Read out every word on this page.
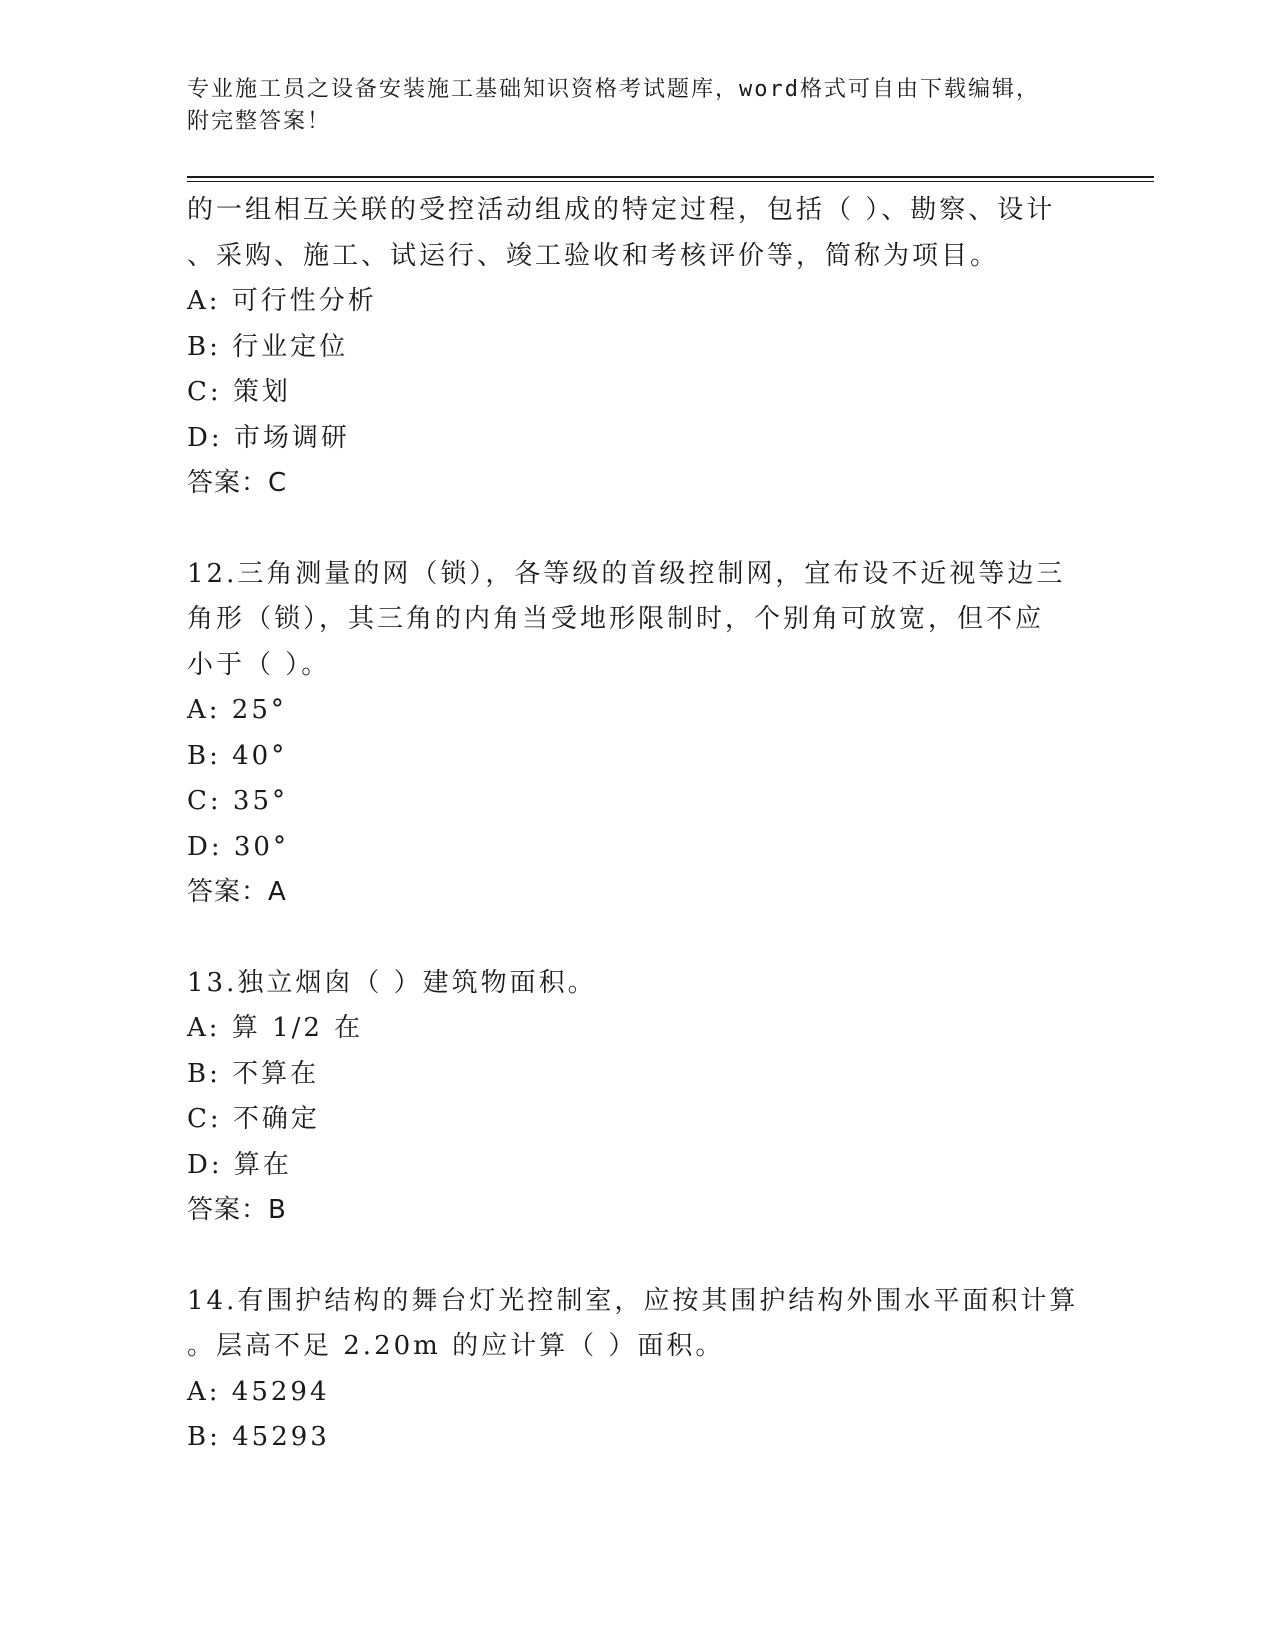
专业施工员之设备安装施工基础知识资格考试题库，word格式可自由下载编辑，
附完整答案！
的一组相互关联的受控活动组成的特定过程，包括（ ）、勘察、设计
、采购、施工、试运行、竣工验收和考核评价等，简称为项目。
A: 可行性分析
B: 行业定位
C: 策划
D: 市场调研
答案：C
12.三角测量的网（锁），各等级的首级控制网，宜布设不近视等边三
角形（锁），其三角的内角当受地形限制时，个别角可放宽，但不应
小于（ ）。
A: 25°
B: 40°
C: 35°
D: 30°
答案：A
13.独立烟囱（ ）建筑物面积。
A: 算 1/2 在
B: 不算在
C: 不确定
D: 算在
答案：B
14.有围护结构的舞台灯光控制室，应按其围护结构外围水平面积计算
。层高不足 2.20m 的应计算（ ）面积。
A: 45294
B: 45293
